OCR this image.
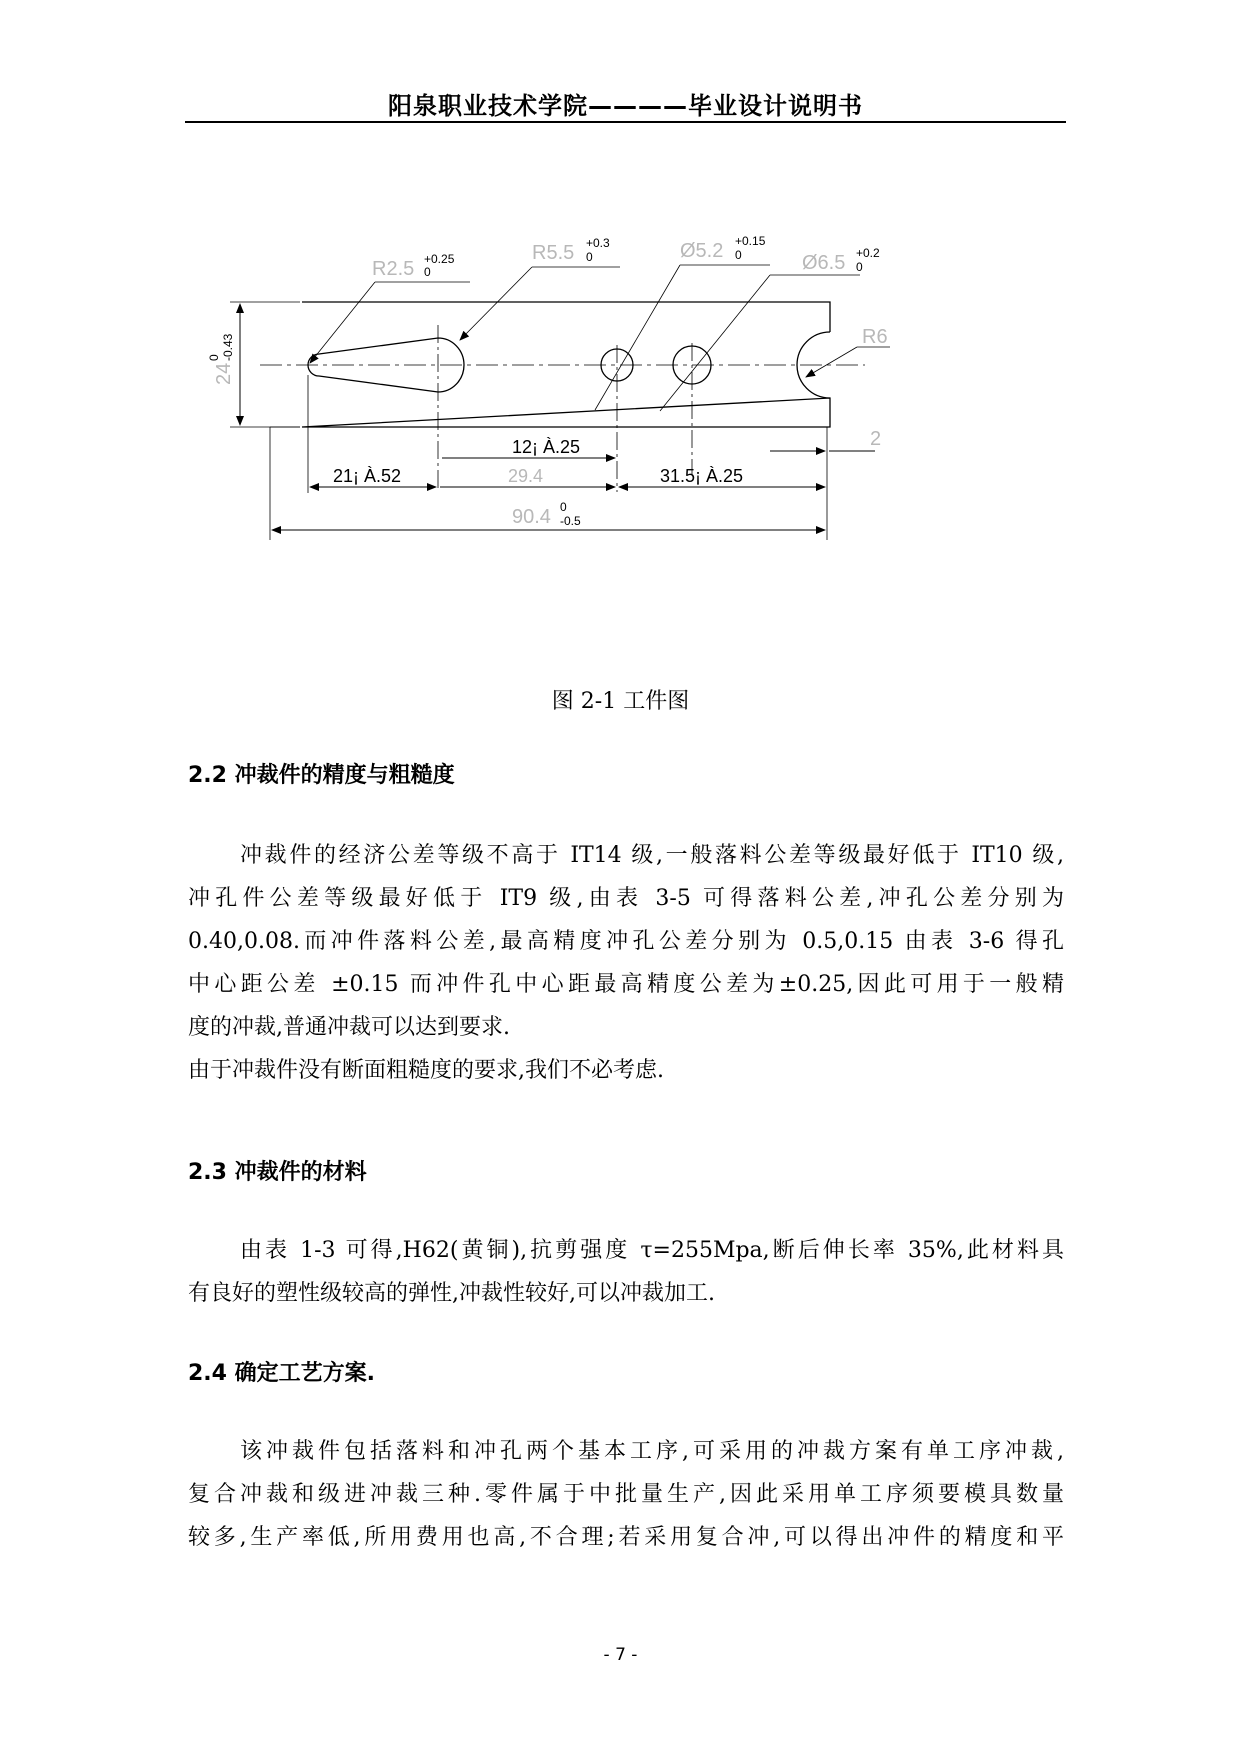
阳泉职业技术学院————毕业设计说明书
R2.5 +0.25
0
R5.5 +0.3
0	Ø5.2 +0.15
0	Ø6.5 +0.2
0
R6
24
0 -0.43
12¡ À.25	2
21¡ À.52	29.4	31.5¡ À.25
90.4 0
-0.5
图 2-1 工件图
2.2 冲裁件的精度与粗糙度
冲裁件的经济公差等级不高于 IT14 级,一般落料公差等级最好低于 IT10 级,
冲孔件公差等级最好低于 IT9 级,由表 3-5 可得落料公差,冲孔公差分别为
0.40,0.08.而冲件落料公差,最高精度冲孔公差分别为 0.5,0.15 由表 3-6 得孔
中心距公差 ±0.15 而冲件孔中心距最高精度公差为±0.25,因此可用于一般精
度的冲裁,普通冲裁可以达到要求.
由于冲裁件没有断面粗糙度的要求,我们不必考虑.
2.3 冲裁件的材料
由表 1-3 可得,H62(黄铜),抗剪强度 τ=255Mpa,断后伸长率 35%,此材料具
有良好的塑性级较高的弹性,冲裁性较好,可以冲裁加工.
2.4 确定工艺方案.
该冲裁件包括落料和冲孔两个基本工序,可采用的冲裁方案有单工序冲裁,
复合冲裁和级进冲裁三种.零件属于中批量生产,因此采用单工序须要模具数量
较多,生产率低,所用费用也高,不合理;若采用复合冲,可以得出冲件的精度和平
- 7 -
